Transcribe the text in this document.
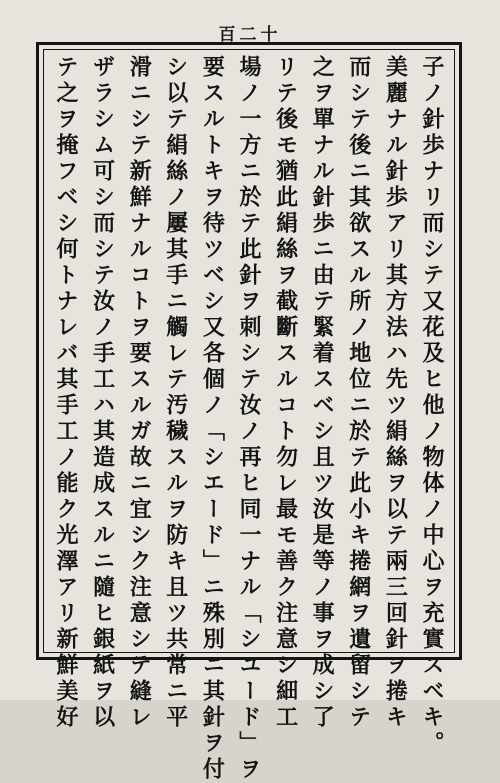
百二十
子ノ針歩ナリ而シテ又花及ヒ他ノ物体ノ中心ヲ充實スベキ。
美麗ナル針歩アリ其方法ハ先ツ絹絲ヲ以テ兩三回針ヲ捲キ
而シテ後ニ其欲スル所ノ地位ニ於テ此小キ捲網ヲ遺留シテ
之ヲ單ナル針歩ニ由テ緊着スベシ且ツ汝是等ノ事ヲ成シ了
リテ後モ猶此絹絲ヲ截斷スルコト勿レ最モ善ク注意シ細工
場ノ一方ニ於テ此針ヲ刺シテ汝ノ再ヒ同一ナル「シユード」ヲ
要スルトキヲ待ツベシ又各個ノ「シエード」ニ殊別ニ其針ヲ付
シ以テ絹絲ノ屢其手ニ觸レテ汚穢スルヲ防キ且ツ共常ニ平
滑ニシテ新鮮ナルコトヲ要スルガ故ニ宜シク注意シテ縫レ
ザラシム可シ而シテ汝ノ手工ハ其造成スルニ隨ヒ銀紙ヲ以
テ之ヲ掩フベシ何トナレバ其手工ノ能ク光澤アリ新鮮美好
